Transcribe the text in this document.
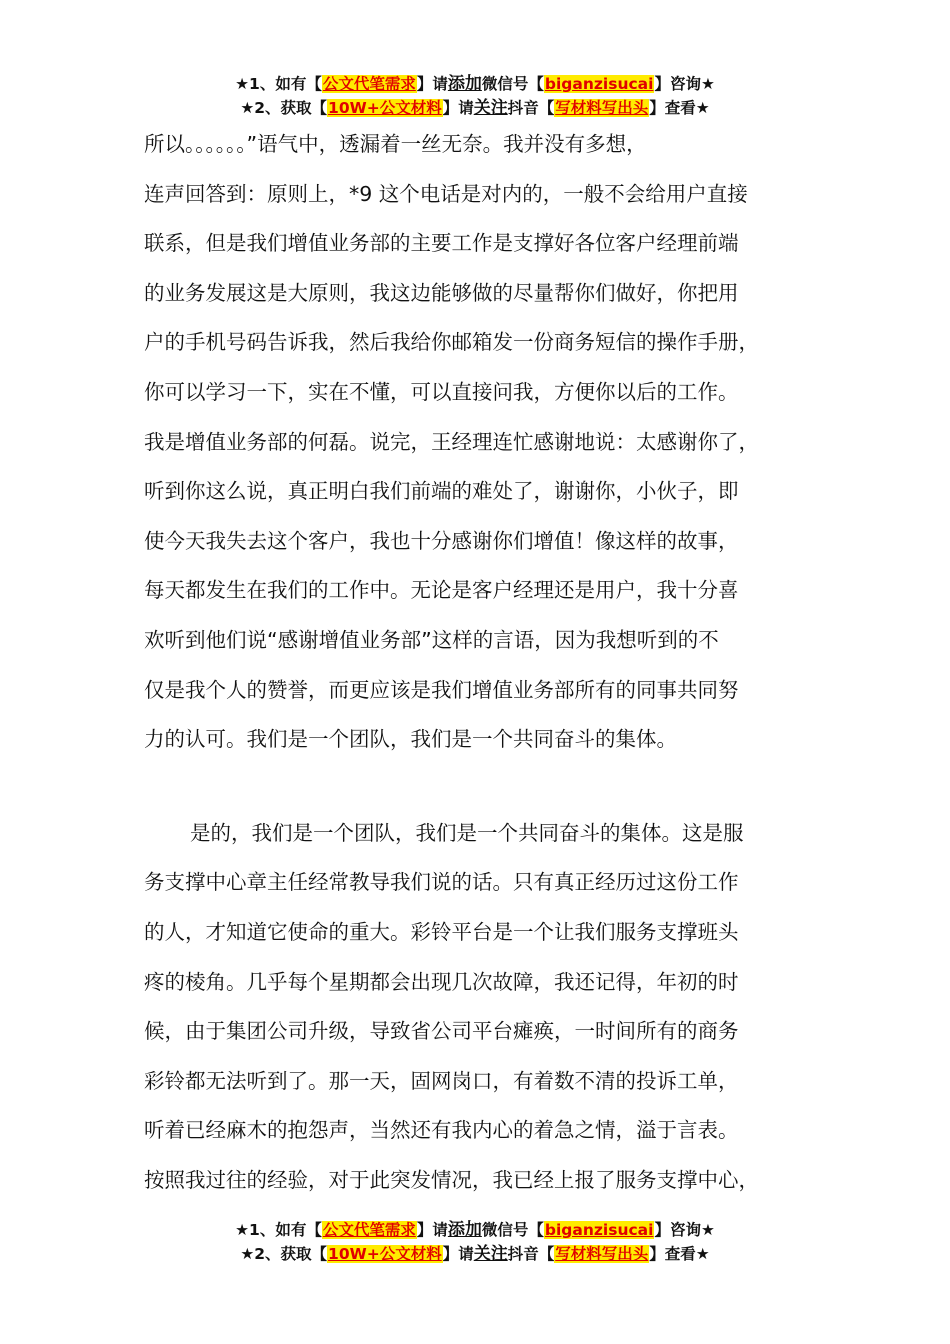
★1、如有【公文代笔需求】请添加微信号【biganzisucai】咨询★
★2、获取【10W+公文材料】请关注抖音【写材料写出头】查看★
所以。。。。。。”语气中，透漏着一丝无奈。我并没有多想，
连声回答到：原则上，*9 这个电话是对内的，一般不会给用户直接
联系，但是我们增值业务部的主要工作是支撑好各位客户经理前端
的业务发展这是大原则，我这边能够做的尽量帮你们做好，你把用
户的手机号码告诉我，然后我给你邮箱发一份商务短信的操作手册，
你可以学习一下，实在不懂，可以直接问我，方便你以后的工作。
我是增值业务部的何磊。说完，王经理连忙感谢地说：太感谢你了，
听到你这么说，真正明白我们前端的难处了，谢谢你，小伙子，即
使今天我失去这个客户，我也十分感谢你们增值！像这样的故事，
每天都发生在我们的工作中。无论是客户经理还是用户，我十分喜
欢听到他们说“感谢增值业务部”这样的言语，因为我想听到的不
仅是我个人的赞誉，而更应该是我们增值业务部所有的同事共同努
力的认可。我们是一个团队，我们是一个共同奋斗的集体。
是的，我们是一个团队，我们是一个共同奋斗的集体。这是服
务支撑中心章主任经常教导我们说的话。只有真正经历过这份工作
的人，才知道它使命的重大。彩铃平台是一个让我们服务支撑班头
疼的棱角。几乎每个星期都会出现几次故障，我还记得，年初的时
候，由于集团公司升级，导致省公司平台瘫痪，一时间所有的商务
彩铃都无法听到了。那一天，固网岗口，有着数不清的投诉工单，
听着已经麻木的抱怨声，当然还有我内心的着急之情，溢于言表。
按照我过往的经验，对于此突发情况，我已经上报了服务支撑中心，
★1、如有【公文代笔需求】请添加微信号【biganzisucai】咨询★
★2、获取【10W+公文材料】请关注抖音【写材料写出头】查看★
